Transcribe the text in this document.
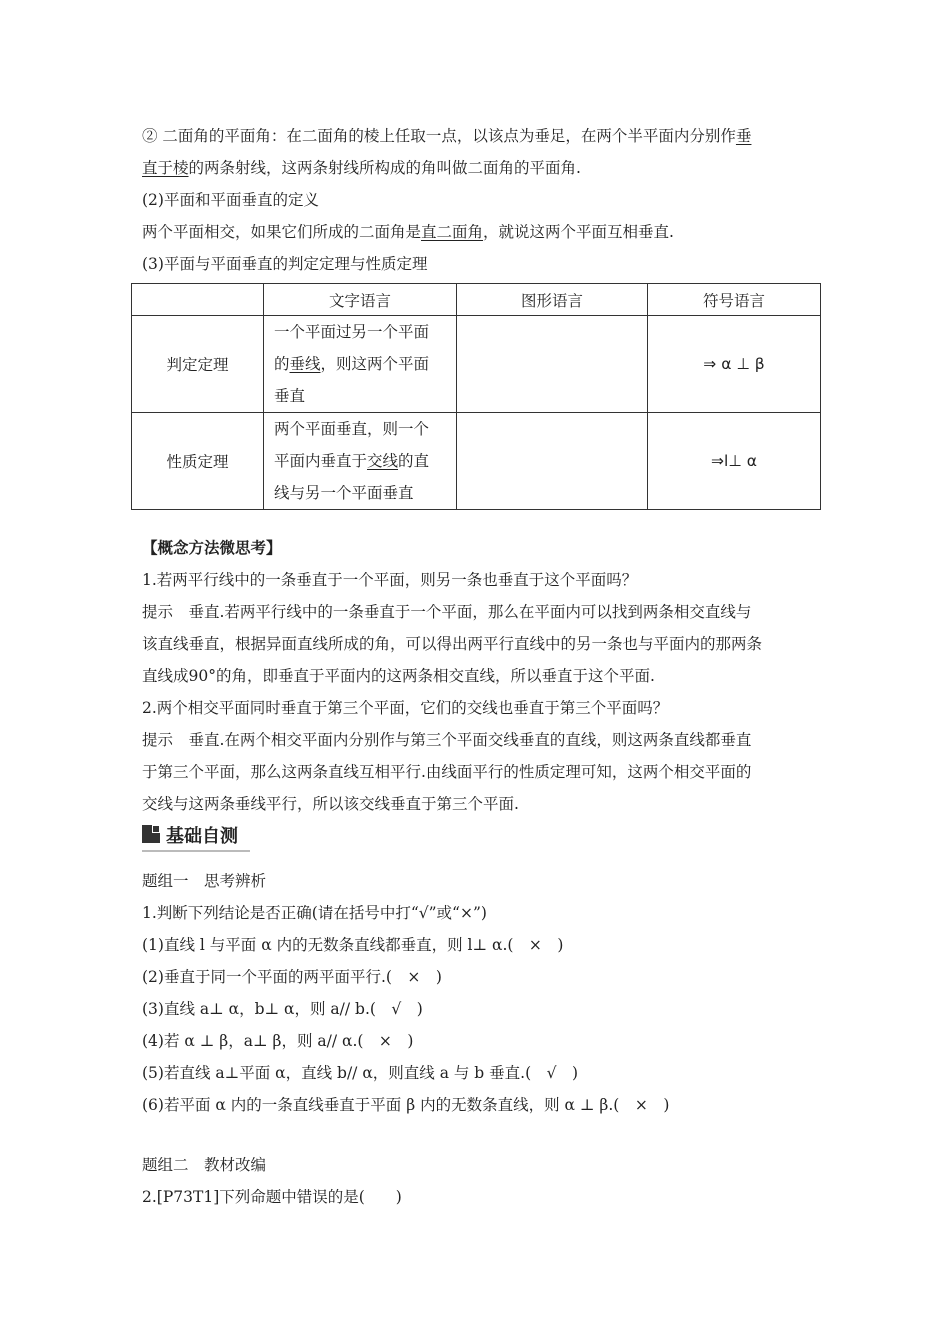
② 二面角的平面角：在二面角的棱上任取一点，以该点为垂足，在两个半平面内分别作垂
直于棱的两条射线，这两条射线所构成的角叫做二面角的平面角.
(2)平面和平面垂直的定义
两个平面相交，如果它们所成的二面角是直二面角，就说这两个平面互相垂直.
(3)平面与平面垂直的判定定理与性质定理
	文字语言	图形语言	符号语言
判定定理	一个平面过另一个平面
的垂线，则这两个平面
垂直		⇒ α ⊥ β
性质定理	两个平面垂直，则一个
平面内垂直于交线的直
线与另一个平面垂直		⇒l⊥ α
【概念方法微思考】
1.若两平行线中的一条垂直于一个平面，则另一条也垂直于这个平面吗？
提示　垂直.若两平行线中的一条垂直于一个平面，那么在平面内可以找到两条相交直线与
该直线垂直，根据异面直线所成的角，可以得出两平行直线中的另一条也与平面内的那两条
直线成90°的角，即垂直于平面内的这两条相交直线，所以垂直于这个平面.
2.两个相交平面同时垂直于第三个平面，它们的交线也垂直于第三个平面吗？
提示　垂直.在两个相交平面内分别作与第三个平面交线垂直的直线，则这两条直线都垂直
于第三个平面，那么这两条直线互相平行.由线面平行的性质定理可知，这两个相交平面的
交线与这两条垂线平行，所以该交线垂直于第三个平面.
基础自测
题组一　思考辨析
1.判断下列结论是否正确(请在括号中打“√”或“×”)
(1)直线 l 与平面 α 内的无数条直线都垂直，则 l⊥ α.(　×　)
(2)垂直于同一个平面的两平面平行.(　×　)
(3)直线 a⊥ α，b⊥ α，则 a// b.(　√　)
(4)若 α ⊥ β，a⊥ β，则 a// α.(　×　)
(5)若直线 a⊥平面 α，直线 b// α，则直线 a 与 b 垂直.(　√　)
(6)若平面 α 内的一条直线垂直于平面 β 内的无数条直线，则 α ⊥ β.(　×　)
题组二　教材改编
2.[P73T1]下列命题中错误的是(　　)
